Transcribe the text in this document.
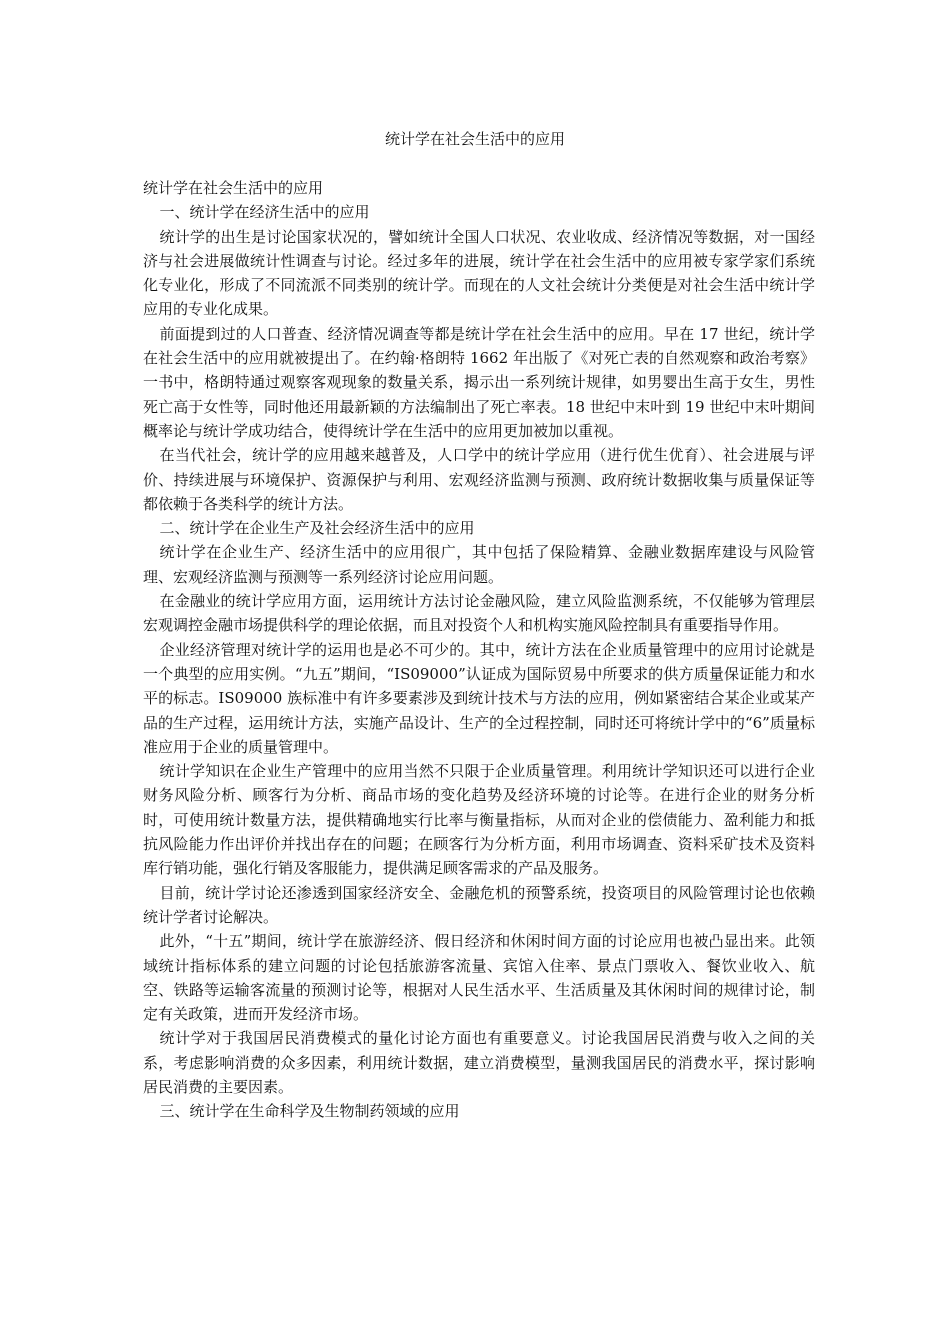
统计学在社会生活中的应用

统计学在社会生活中的应用

一、统计学在经济生活中的应用

统计学的出生是讨论国家状况的，譬如统计全国人口状况、农业收成、经济情况等数据，对一国经济与社会进展做统计性调查与讨论。经过多年的进展，统计学在社会生活中的应用被专家学家们系统化专业化，形成了不同流派不同类别的统计学。而现在的人文社会统计分类便是对社会生活中统计学应用的专业化成果。

前面提到过的人口普查、经济情况调查等都是统计学在社会生活中的应用。早在 17 世纪，统计学在社会生活中的应用就被提出了。在约翰·格朗特 1662 年出版了《对死亡表的自然观察和政治考察》一书中，格朗特通过观察客观现象的数量关系，揭示出一系列统计规律，如男婴出生高于女生，男性死亡高于女性等，同时他还用最新颖的方法编制出了死亡率表。18 世纪中末叶到 19 世纪中末叶期间概率论与统计学成功结合，使得统计学在生活中的应用更加被加以重视。

在当代社会，统计学的应用越来越普及，人口学中的统计学应用（进行优生优育）、社会进展与评价、持续进展与环境保护、资源保护与利用、宏观经济监测与预测、政府统计数据收集与质量保证等都依赖于各类科学的统计方法。

二、统计学在企业生产及社会经济生活中的应用

统计学在企业生产、经济生活中的应用很广，其中包括了保险精算、金融业数据库建设与风险管理、宏观经济监测与预测等一系列经济讨论应用问题。

在金融业的统计学应用方面，运用统计方法讨论金融风险，建立风险监测系统，不仅能够为管理层宏观调控金融市场提供科学的理论依据，而且对投资个人和机构实施风险控制具有重要指导作用。

企业经济管理对统计学的运用也是必不可少的。其中，统计方法在企业质量管理中的应用讨论就是一个典型的应用实例。“九五”期间，“IS09000”认证成为国际贸易中所要求的供方质量保证能力和水平的标志。IS09000 族标准中有许多要素涉及到统计技术与方法的应用，例如紧密结合某企业或某产品的生产过程，运用统计方法，实施产品设计、生产的全过程控制，同时还可将统计学中的“6”质量标准应用于企业的质量管理中。

统计学知识在企业生产管理中的应用当然不只限于企业质量管理。利用统计学知识还可以进行企业财务风险分析、顾客行为分析、商品市场的变化趋势及经济环境的讨论等。在进行企业的财务分析时，可使用统计数量方法，提供精确地实行比率与衡量指标，从而对企业的偿债能力、盈利能力和抵抗风险能力作出评价并找出存在的问题；在顾客行为分析方面，利用市场调查、资料采矿技术及资料库行销功能，强化行销及客服能力，提供满足顾客需求的产品及服务。

目前，统计学讨论还渗透到国家经济安全、金融危机的预警系统，投资项目的风险管理讨论也依赖统计学者讨论解决。

此外，“十五”期间，统计学在旅游经济、假日经济和休闲时间方面的讨论应用也被凸显出来。此领域统计指标体系的建立问题的讨论包括旅游客流量、宾馆入住率、景点门票收入、餐饮业收入、航空、铁路等运输客流量的预测讨论等，根据对人民生活水平、生活质量及其休闲时间的规律讨论，制定有关政策，进而开发经济市场。

统计学对于我国居民消费模式的量化讨论方面也有重要意义。讨论我国居民消费与收入之间的关系，考虑影响消费的众多因素，利用统计数据，建立消费模型，量测我国居民的消费水平，探讨影响居民消费的主要因素。

三、统计学在生命科学及生物制药领域的应用
